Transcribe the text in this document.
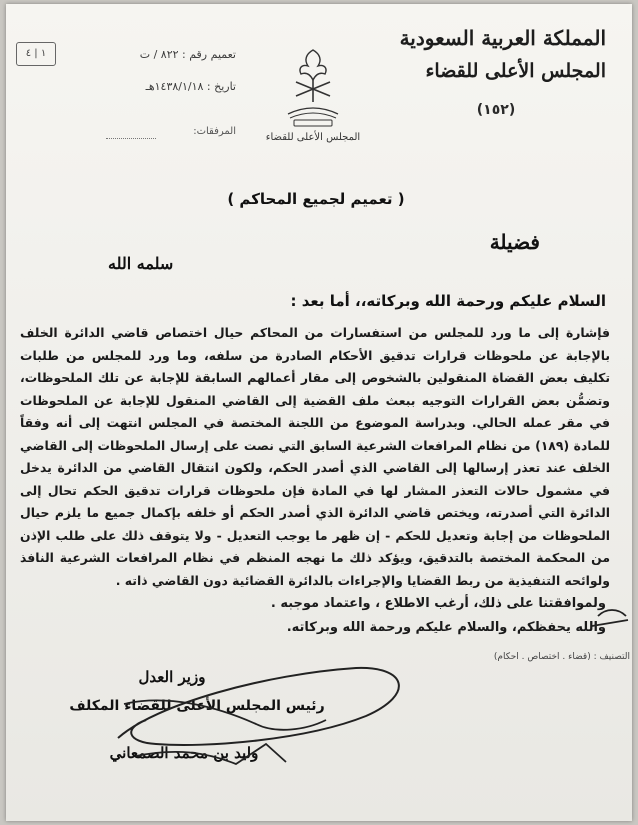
١ | ٤
المملكة العربية السعودية
المجلس الأعلى للقضاء
(١٥٢)
المجلس الأعلى للقضاء
تعميم رقم : ٨٢٢ / ت
تاريخ : ١٤٣٨/١/١٨هـ
المرفقات:
( تعميم لجميع المحاكم )
فضيلة
سلمه الله
السلام عليكم ورحمة الله وبركاته،، أما بعد :
فإشارة إلى ما ورد للمجلس من استفسارات من المحاكم حيال اختصاص قاضي الدائرة الخلف بالإجابة عن ملحوظات قرارات تدقيق الأحكام الصادرة من سلفه، وما ورد للمجلس من طلبات تكليف بعض القضاة المنقولين بالشخوص إلى مقار أعمالهم السابقة للإجابة عن تلك الملحوظات، وتضمُّن بعض القرارات التوجيه ببعث ملف القضية إلى القاضي المنقول للإجابة عن الملحوظات في مقر عمله الحالي. وبدراسة الموضوع من اللجنة المختصة في المجلس انتهت إلى أنه وفقاً للمادة (١٨٩) من نظام المرافعات الشرعية السابق التي نصت على إرسال الملحوظات إلى القاضي الخلف عند تعذر إرسالها إلى القاضي الذي أصدر الحكم، ولكون انتقال القاضي من الدائرة يدخل في مشمول حالات التعذر المشار لها في المادة فإن ملحوظات قرارات تدقيق الحكم تحال إلى الدائرة التي أصدرته، ويختص قاضي الدائرة الذي أصدر الحكم أو خلفه بإكمال جميع ما يلزم حيال الملحوظات من إجابة وتعديل للحكم - إن ظهر ما يوجب التعديل - ولا يتوقف ذلك على طلب الإذن من المحكمة المختصة بالتدقيق، ويؤكد ذلك ما نهجه المنظم في نظام المرافعات الشرعية النافذ ولوائحه التنفيذية من ربط القضايا والإجراءات بالدائرة القضائية دون القاضي ذاته .
ولموافقتنا على ذلك، أرغب الاطلاع ، واعتماد موجبه .
والله يحفظكم، والسلام عليكم ورحمة الله وبركاته.
التصنيف : (قضاء . اختصاص . احكام)
وزير العدل
رئيس المجلس الأعلى للقضاء المكلف
وليد بن محمد الصمعاني
